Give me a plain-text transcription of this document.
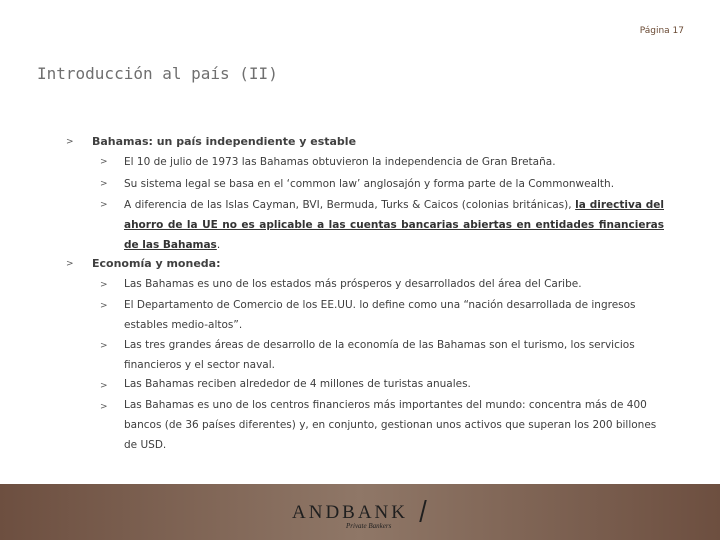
Página 17
Introducción al país (II)
> Bahamas: un país independiente y estable
> El 10 de julio de 1973 las Bahamas obtuvieron la independencia de Gran Bretaña.
> Su sistema legal se basa en el ‘common law’ anglosajón y forma parte de la Commonwealth.
> A diferencia de las Islas Cayman, BVI, Bermuda, Turks & Caicos (colonias británicas), la directiva del ahorro de la UE no es aplicable a las cuentas bancarias abiertas en entidades financieras de las Bahamas.
> Economía y moneda:
> Las Bahamas es uno de los estados más prósperos y desarrollados del área del Caribe.
> El Departamento de Comercio de los EE.UU. lo define como una “nación desarrollada de ingresos estables medio-altos”.
> Las tres grandes áreas de desarrollo de la economía de las Bahamas son el turismo, los servicios financieros y el sector naval.
> Las Bahamas reciben alrededor de 4 millones de turistas anuales.
> Las Bahamas es uno de los centros financieros más importantes del mundo: concentra más de 400 bancos (de 36 países diferentes) y, en conjunto, gestionan unos activos que superan los 200 billones de USD.
ANDBANK
Private Bankers
